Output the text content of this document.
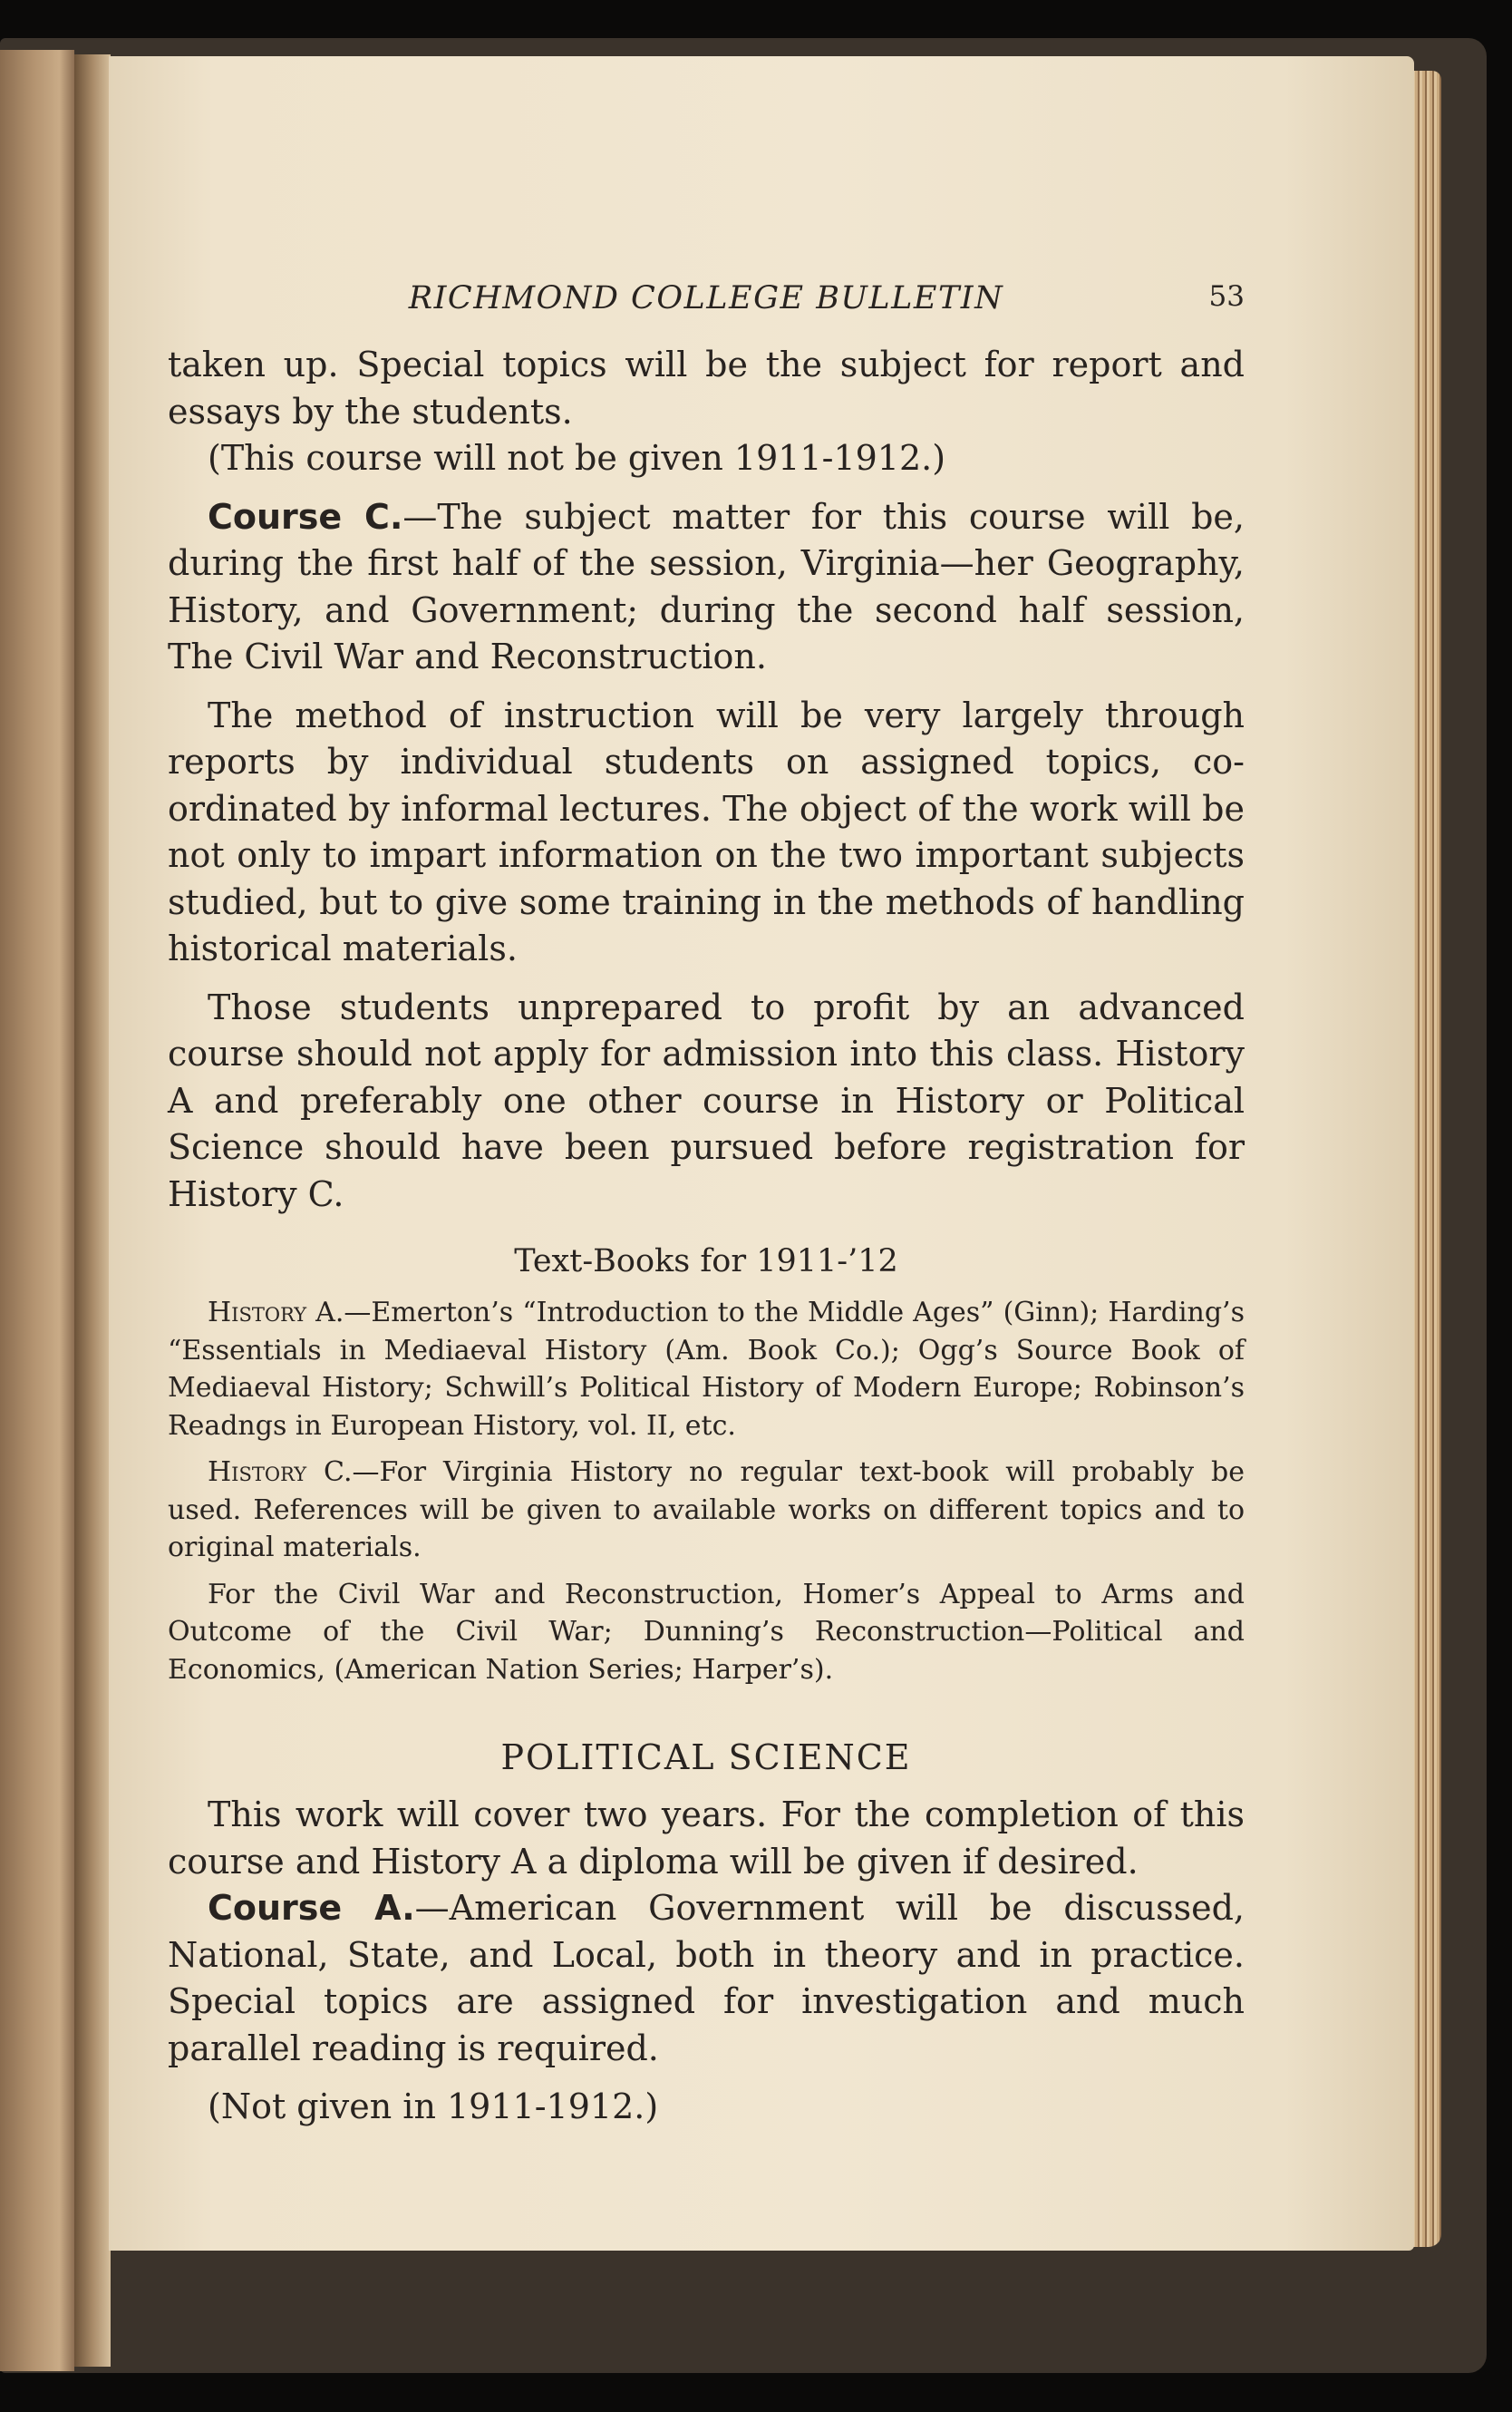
RICHMOND COLLEGE BULLETIN	53

taken up. Special topics will be the subject for report and essays by the students.

(This course will not be given 1911-1912.)

Course C.—The subject matter for this course will be, during the first half of the session, Virginia—her Geography, History, and Government; during the second half session, The Civil War and Reconstruction.

The method of instruction will be very largely through reports by individual students on assigned topics, co-ordinated by informal lectures. The object of the work will be not only to impart information on the two important subjects studied, but to give some training in the methods of handling historical materials.

Those students unprepared to profit by an advanced course should not apply for admission into this class. History A and preferably one other course in History or Political Science should have been pursued before registration for History C.

Text-Books for 1911-’12

History A.—Emerton’s “Introduction to the Middle Ages” (Ginn); Harding’s “Essentials in Mediaeval History (Am. Book Co.); Ogg’s Source Book of Mediaeval History; Schwill’s Political History of Modern Europe; Robinson’s Readngs in European History, vol. II, etc.

History C.—For Virginia History no regular text-book will probably be used. References will be given to available works on different topics and to original materials.

For the Civil War and Reconstruction, Homer’s Appeal to Arms and Outcome of the Civil War; Dunning’s Reconstruction—Political and Economics, (American Nation Series; Harper’s).

POLITICAL SCIENCE

This work will cover two years. For the completion of this course and History A a diploma will be given if desired.

Course A.—American Government will be discussed, National, State, and Local, both in theory and in practice. Special topics are assigned for investigation and much parallel reading is required.

(Not given in 1911-1912.)
